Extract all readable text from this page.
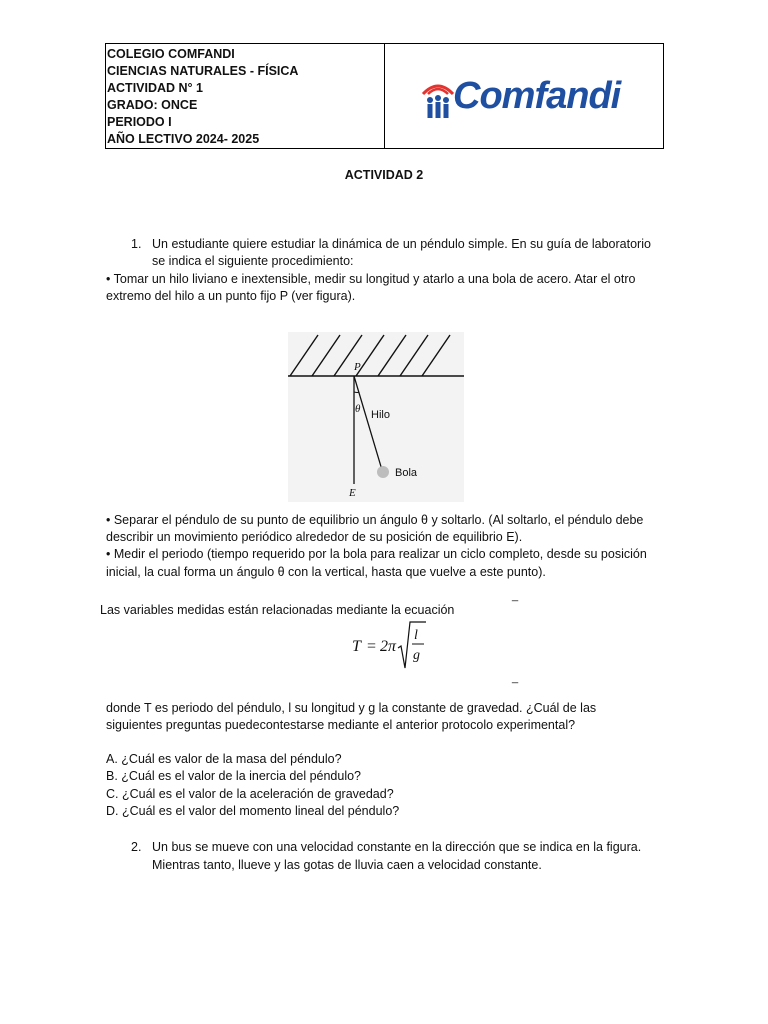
COLEGIO COMFANDI
CIENCIAS NATURALES - FÍSICA
ACTIVIDAD N° 1
GRADO: ONCE
PERIODO I
AÑO LECTIVO 2024- 2025
Comfandi
ACTIVIDAD 2
1. Un estudiante quiere estudiar la dinámica de un péndulo simple. En su guía de laboratorio
se indica el siguiente procedimiento:
• Tomar un hilo liviano e inextensible, medir su longitud y atarlo a una bola de acero. Atar el otro
extremo del hilo a un punto fijo P (ver figura).
P
θ Hilo
Bola
E
• Separar el péndulo de su punto de equilibrio un ángulo θ y soltarlo. (Al soltarlo, el péndulo debe
describir un movimiento periódico alrededor de su posición de equilibrio E).
• Medir el periodo (tiempo requerido por la bola para realizar un ciclo completo, desde su posición
inicial, la cual forma un ángulo θ con la vertical, hasta que vuelve a este punto).
Las variables medidas están relacionadas mediante la ecuación
_
_
T = 2π
l
g
donde T es periodo del péndulo, l su longitud y g la constante de gravedad. ¿Cuál de las
siguientes preguntas puedecontestarse mediante el anterior protocolo experimental?
A. ¿Cuál es valor de la masa del péndulo?
B. ¿Cuál es el valor de la inercia del péndulo?
C. ¿Cuál es el valor de la aceleración de gravedad?
D. ¿Cuál es el valor del momento lineal del péndulo?
2. Un bus se mueve con una velocidad constante en la dirección que se indica en la figura.
Mientras tanto, llueve y las gotas de lluvia caen a velocidad constante.
